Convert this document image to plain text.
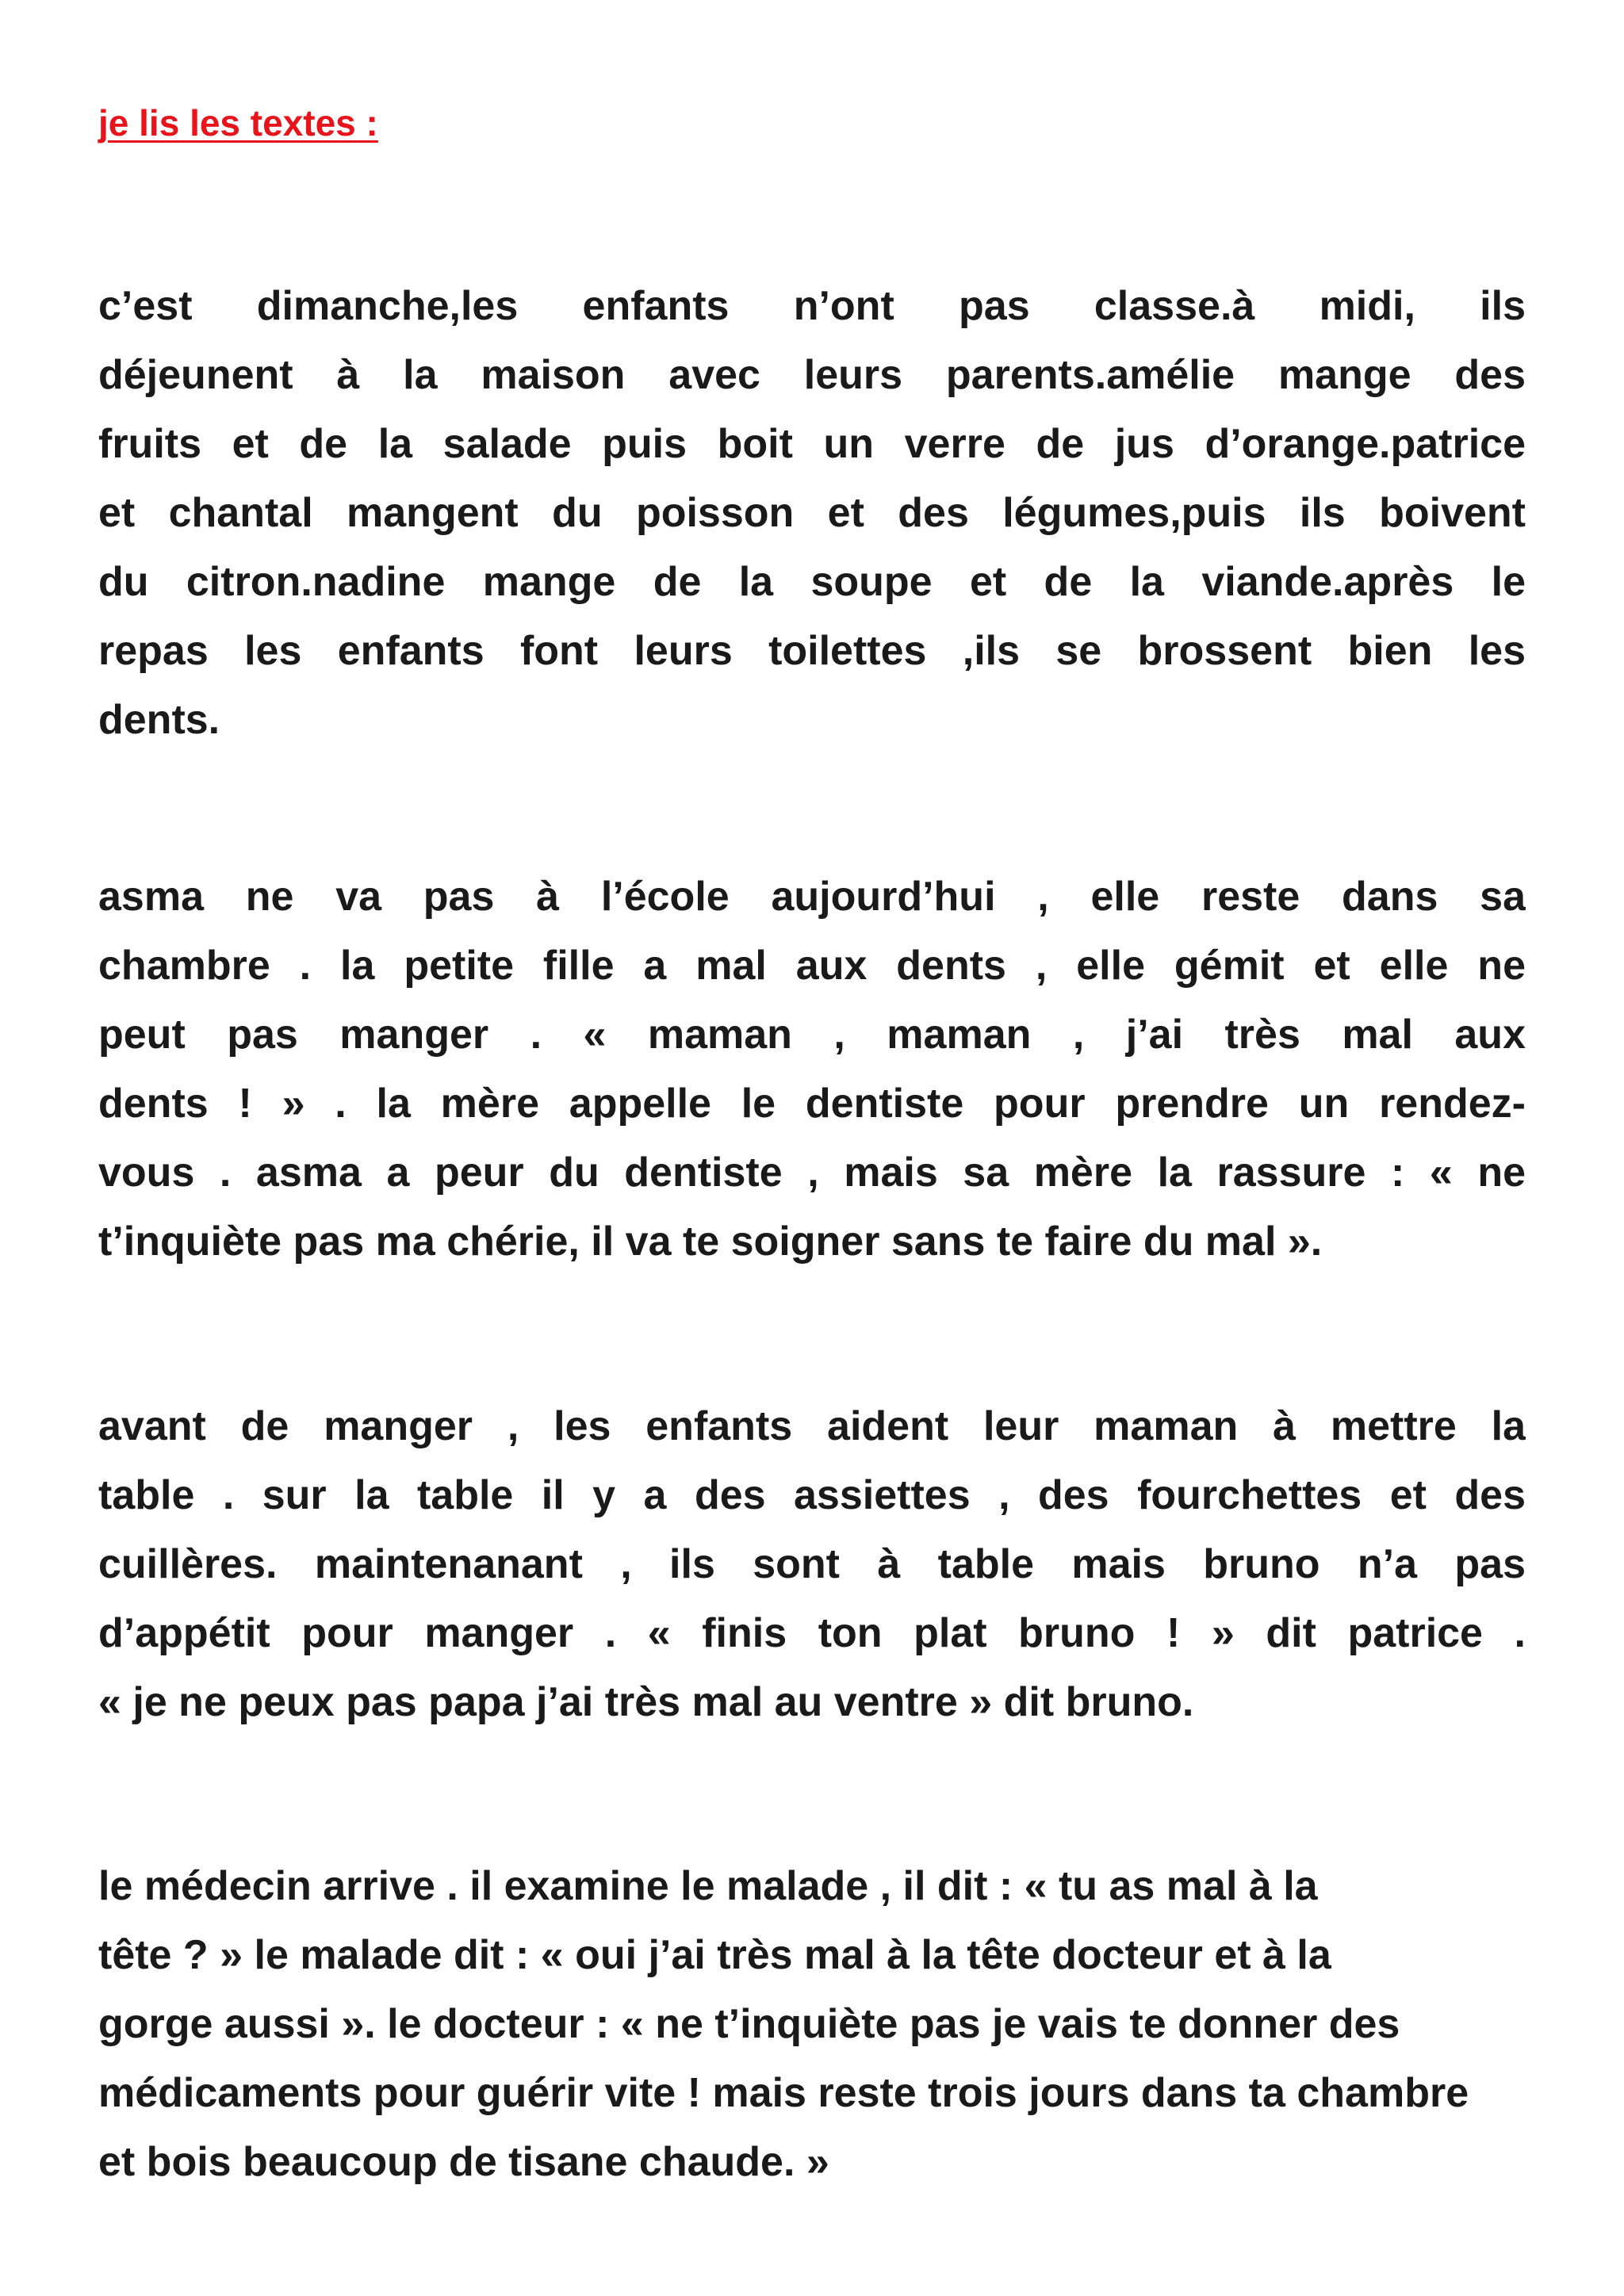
je lis les textes :
c’est dimanche,les enfants n’ont pas classe.à midi, ils
déjeunent à la maison avec leurs parents.amélie mange des
fruits et de la salade puis boit un verre de jus d’orange.patrice
et chantal mangent du poisson et des légumes,puis ils boivent
du citron.nadine mange de la soupe et de la viande.après le
repas les enfants font leurs toilettes ,ils se brossent bien les
dents.
asma ne va pas à l’école aujourd’hui , elle reste dans sa
chambre . la petite fille a mal aux dents , elle gémit et elle ne
peut pas manger . « maman , maman , j’ai très mal aux
dents ! » . la mère appelle le dentiste pour prendre un rendez-
vous . asma a peur du dentiste , mais sa mère la rassure : « ne
t’inquiète pas ma chérie, il va te soigner sans te faire du mal ».
avant de manger , les enfants aident leur maman à mettre la
table . sur la table il y a des assiettes , des fourchettes et des
cuillères. maintenanant , ils sont à table mais bruno n’a pas
d’appétit pour manger . « finis ton plat bruno ! » dit patrice .
« je ne peux pas papa j’ai très mal au ventre » dit bruno.
le médecin arrive . il examine le malade , il dit : « tu as mal à la
tête ? » le malade dit : « oui j’ai très mal à la tête docteur et à la
gorge aussi ». le docteur : « ne t’inquiète pas je vais te donner des
médicaments pour guérir vite ! mais reste trois jours dans ta chambre
et bois beaucoup de tisane chaude. »
